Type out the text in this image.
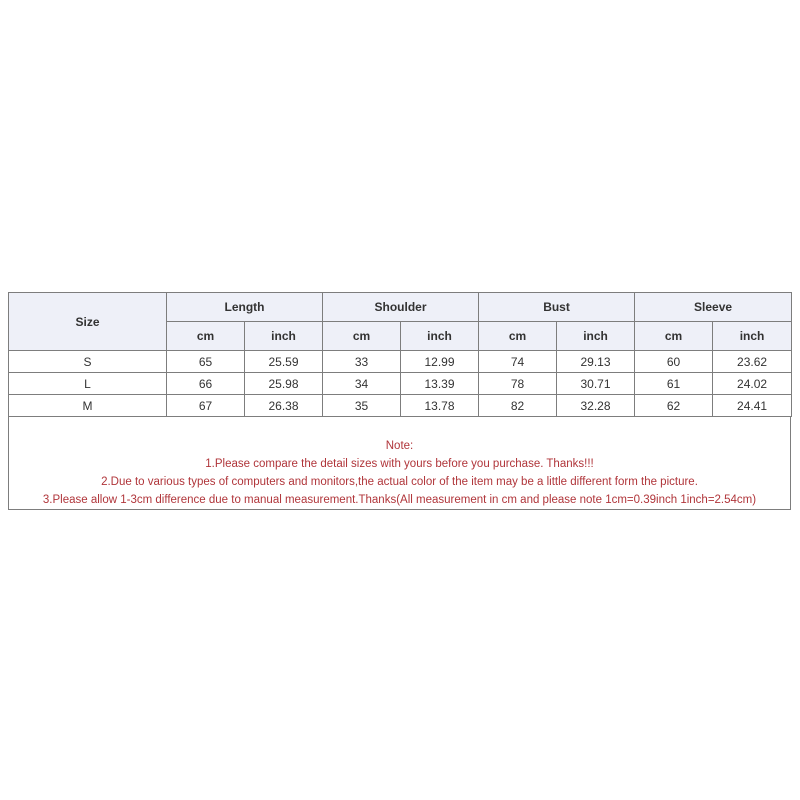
Size	Length		Shoulder		Bust		Sleeve	
	cm	inch	cm	inch	cm	inch	cm	inch
S	65	25.59	33	12.99	74	29.13	60	23.62
L	66	25.98	34	13.39	78	30.71	61	24.02
M	67	26.38	35	13.78	82	32.28	62	24.41
Note:
1.Please compare the detail sizes with yours before you purchase. Thanks!!!
2.Due to various types of computers and monitors,the actual color of the item may be a little different form the picture.
3.Please allow 1-3cm difference due to manual measurement.Thanks(All measurement in cm and please note 1cm=0.39inch 1inch=2.54cm)
